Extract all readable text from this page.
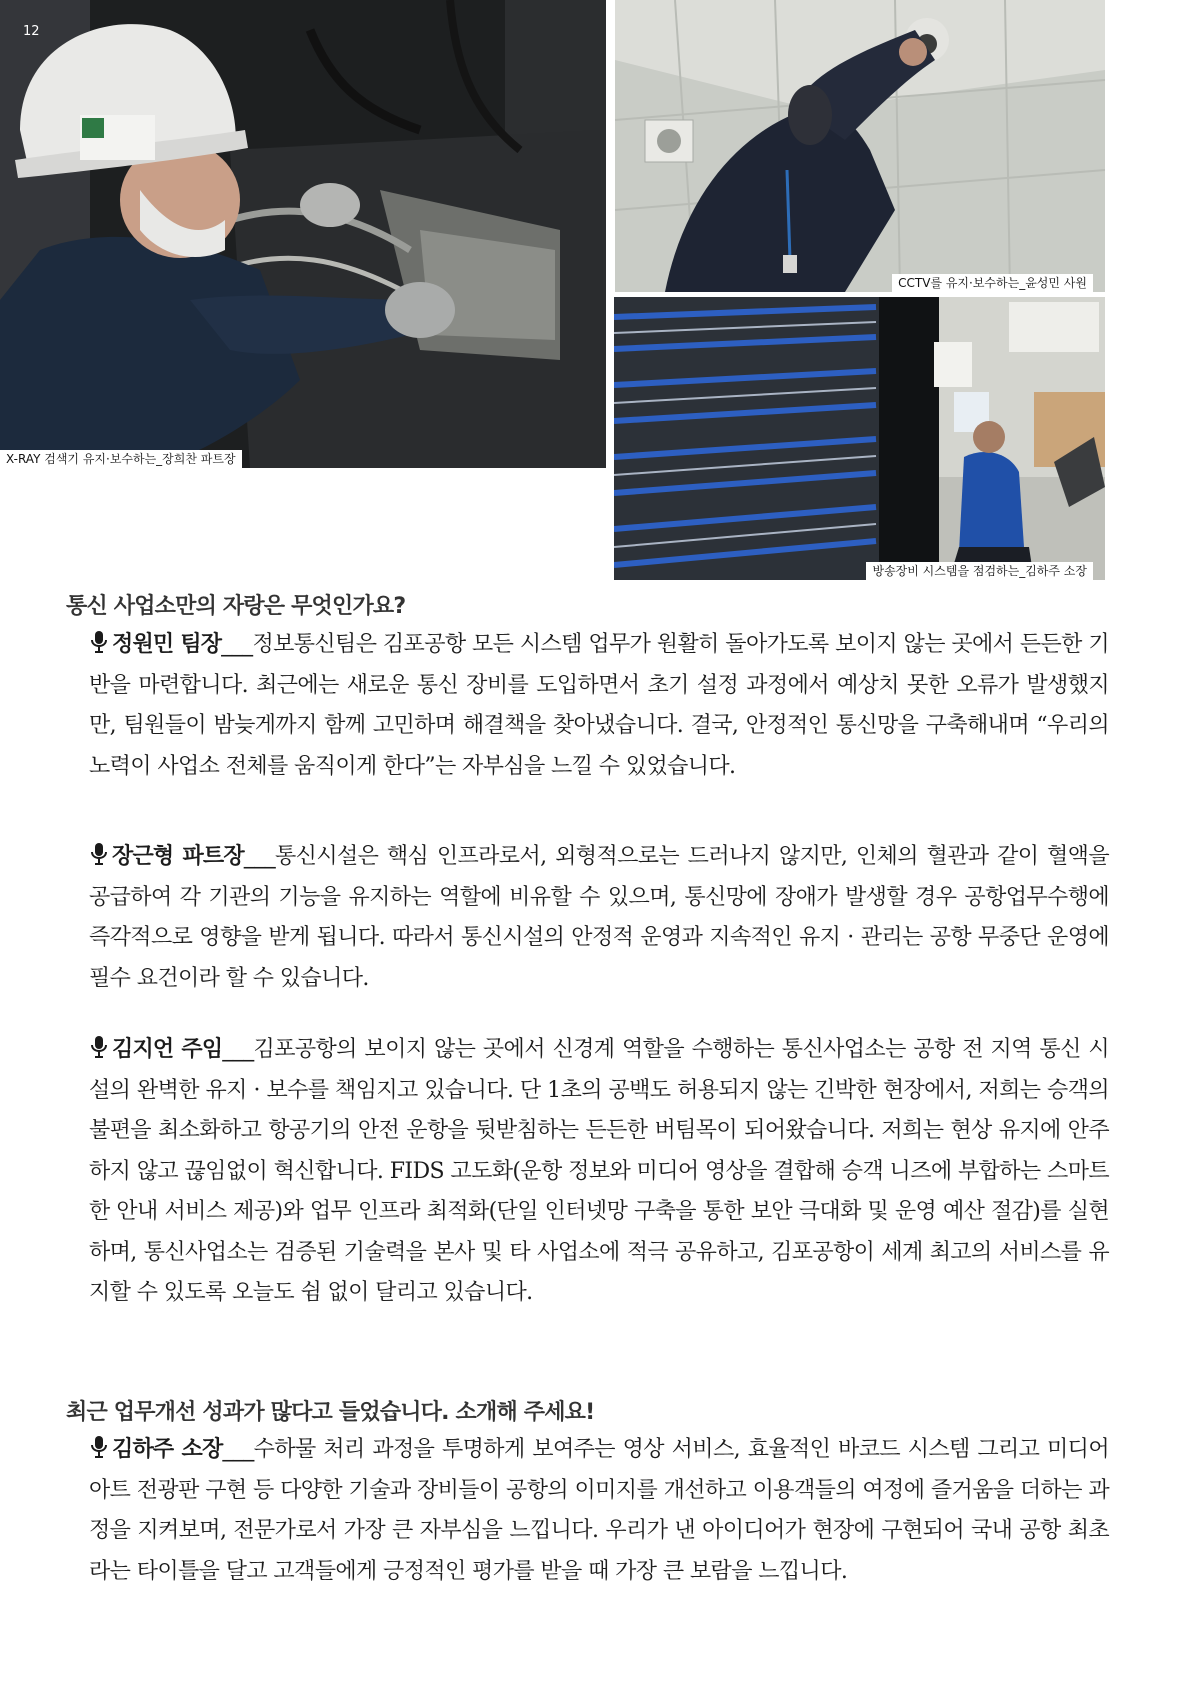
12
X-RAY 검색기 유지·보수하는_장희찬 파트장
CCTV를 유지·보수하는_윤성민 사원
방송장비 시스템을 점검하는_김하주 소장
통신 사업소만의 자랑은 무엇인가요?

정원민 팀장___정보통신팀은 김포공항 모든 시스템 업무가 원활히 돌아가도록 보이지 않는 곳에서 든든한 기반을 마련합니다. 최근에는 새로운 통신 장비를 도입하면서 초기 설정 과정에서 예상치 못한 오류가 발생했지만, 팀원들이 밤늦게까지 함께 고민하며 해결책을 찾아냈습니다. 결국, 안정적인 통신망을 구축해내며 “우리의 노력이 사업소 전체를 움직이게 한다”는 자부심을 느낄 수 있었습니다.

장근형 파트장___통신시설은 핵심 인프라로서, 외형적으로는 드러나지 않지만, 인체의 혈관과 같이 혈액을 공급하여 각 기관의 기능을 유지하는 역할에 비유할 수 있으며, 통신망에 장애가 발생할 경우 공항업무수행에 즉각적으로 영향을 받게 됩니다. 따라서 통신시설의 안정적 운영과 지속적인 유지 · 관리는 공항 무중단 운영에 필수 요건이라 할 수 있습니다.

김지언 주임___김포공항의 보이지 않는 곳에서 신경계 역할을 수행하는 통신사업소는 공항 전 지역 통신 시설의 완벽한 유지 · 보수를 책임지고 있습니다. 단 1초의 공백도 허용되지 않는 긴박한 현장에서, 저희는 승객의 불편을 최소화하고 항공기의 안전 운항을 뒷받침하는 든든한 버팀목이 되어왔습니다. 저희는 현상 유지에 안주하지 않고 끊임없이 혁신합니다. FIDS 고도화(운항 정보와 미디어 영상을 결합해 승객 니즈에 부합하는 스마트한 안내 서비스 제공)와 업무 인프라 최적화(단일 인터넷망 구축을 통한 보안 극대화 및 운영 예산 절감)를 실현하며, 통신사업소는 검증된 기술력을 본사 및 타 사업소에 적극 공유하고, 김포공항이 세계 최고의 서비스를 유지할 수 있도록 오늘도 쉼 없이 달리고 있습니다.

최근 업무개선 성과가 많다고 들었습니다. 소개해 주세요!

김하주 소장___수하물 처리 과정을 투명하게 보여주는 영상 서비스, 효율적인 바코드 시스템 그리고 미디어 아트 전광판 구현 등 다양한 기술과 장비들이 공항의 이미지를 개선하고 이용객들의 여정에 즐거움을 더하는 과정을 지켜보며, 전문가로서 가장 큰 자부심을 느낍니다. 우리가 낸 아이디어가 현장에 구현되어 국내 공항 최초라는 타이틀을 달고 고객들에게 긍정적인 평가를 받을 때 가장 큰 보람을 느낍니다.
